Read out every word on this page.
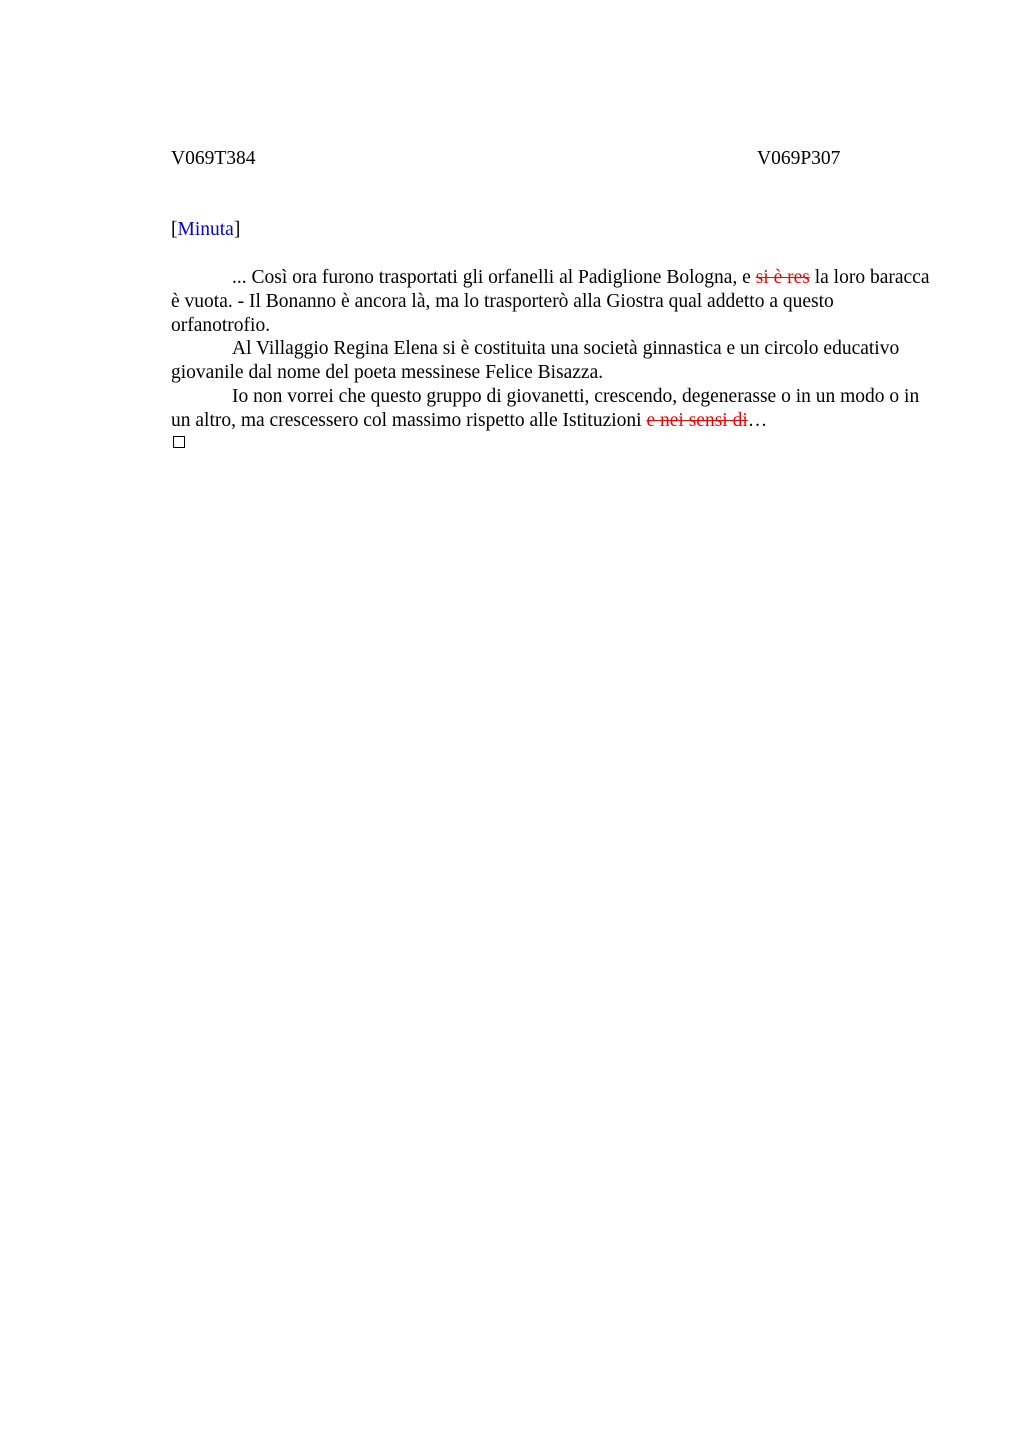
V069T384	V069P307
[Minuta]

... Così ora furono trasportati gli orfanelli al Padiglione Bologna, e si è res la loro baracca è vuota. - Il Bonanno è ancora là, ma lo trasporterò alla Giostra qual addetto a questo orfanotrofio.

Al Villaggio Regina Elena si è costituita una società ginnastica e un circolo educativo giovanile dal nome del poeta messinese Felice Bisazza.

Io non vorrei che questo gruppo di giovanetti, crescendo, degenerasse o in un modo o in un altro, ma crescessero col massimo rispetto alle Istituzioni e nei sensi di…
